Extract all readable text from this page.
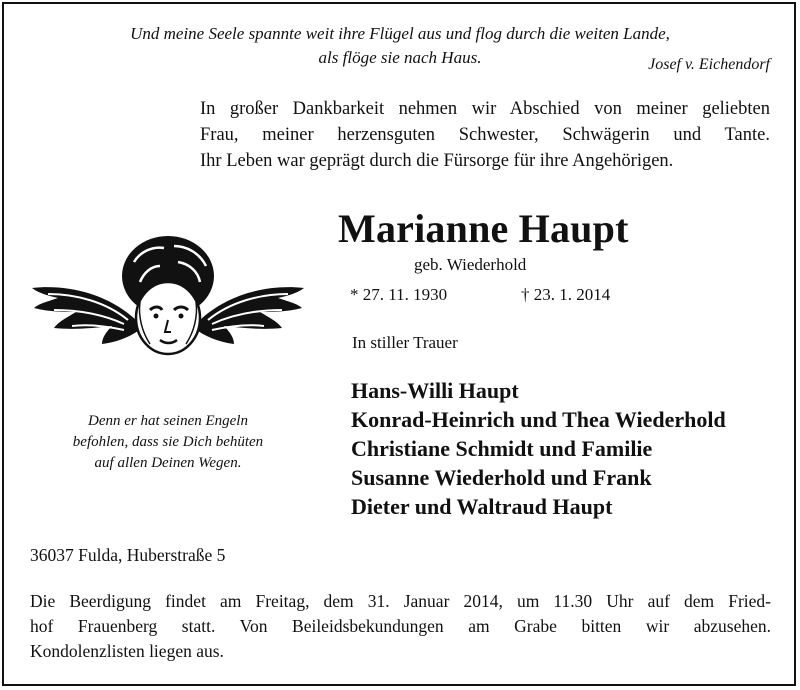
Und meine Seele spannte weit ihre Flügel aus und flog durch die weiten Lande,
als flöge sie nach Haus.	Josef v. Eichendorf
In großer Dankbarkeit nehmen wir Abschied von meiner geliebten
Frau, meiner herzensguten Schwester, Schwägerin und Tante.
Ihr Leben war geprägt durch die Fürsorge für ihre Angehörigen.
Marianne Haupt
geb. Wiederhold
* 27. 11. 1930	† 23. 1. 2014
In stiller Trauer
Hans-Willi Haupt
Konrad-Heinrich und Thea Wiederhold
Christiane Schmidt und Familie
Susanne Wiederhold und Frank
Dieter und Waltraud Haupt
Denn er hat seinen Engeln
befohlen, dass sie Dich behüten
auf allen Deinen Wegen.
36037 Fulda, Huberstraße 5
Die Beerdigung findet am Freitag, dem 31. Januar 2014, um 11.30 Uhr auf dem Fried-
hof Frauenberg statt. Von Beileidsbekundungen am Grabe bitten wir abzusehen.
Kondolenzlisten liegen aus.
